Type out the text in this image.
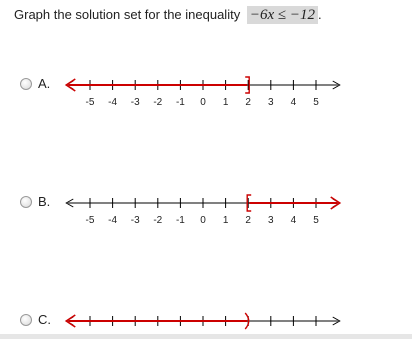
Graph the solution set for the inequality −6x ≤ −12 .
A.
-5 -4 -3 -2 -1 0 1 2 3 4 5
B.
-5 -4 -3 -2 -1 0 1 2 3 4 5
C.
